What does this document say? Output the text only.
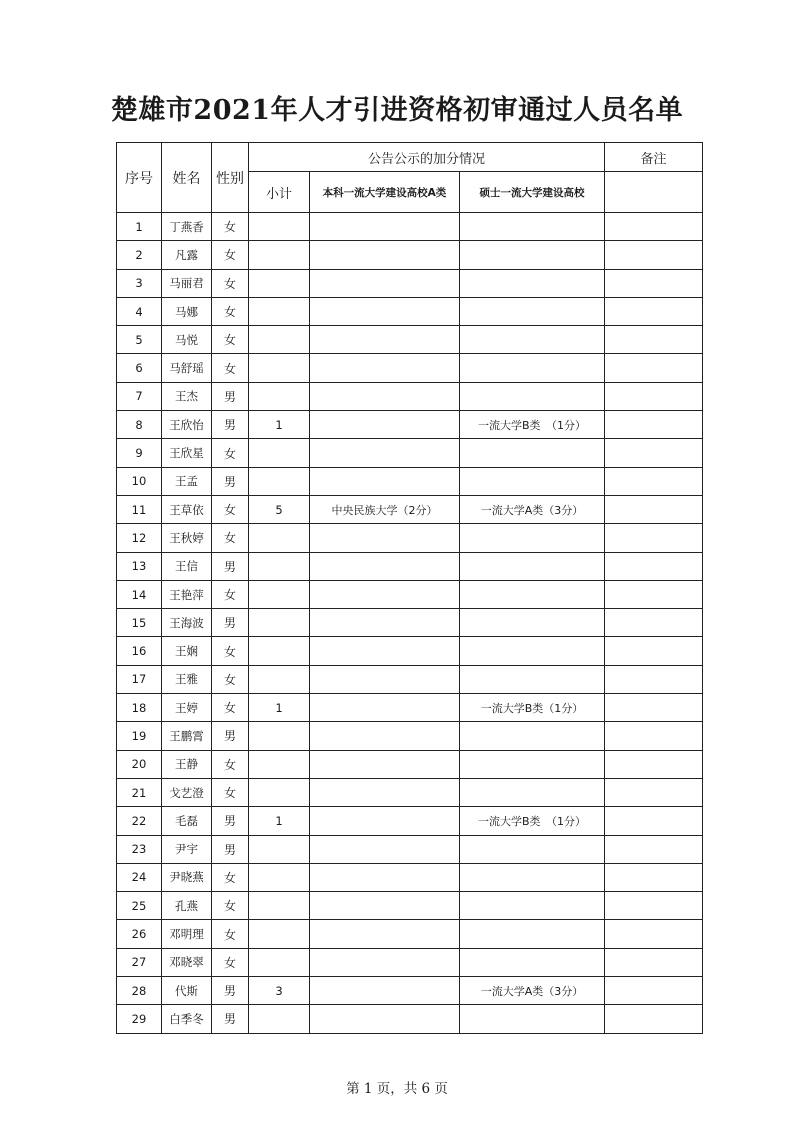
楚雄市2021年人才引进资格初审通过人员名单
序号	姓名	性别	公告公示的加分情况			备注
			小计	本科一流大学建设高校A类	硕士一流大学建设高校	
1	丁燕香	女				
2	凡露	女				
3	马丽君	女				
4	马娜	女				
5	马悦	女				
6	马舒瑶	女				
7	王杰	男				
8	王欣怡	男	1		一流大学B类　（1分）	
9	王欣星	女				
10	王孟	男				
11	王草依	女	5	中央民族大学（2分）	一流大学A类（3分）	
12	王秋婷	女				
13	王信	男				
14	王艳萍	女				
15	王海波	男				
16	王娴	女				
17	王雅	女				
18	王婷	女	1		一流大学B类（1分）	
19	王鹏霄	男				
20	王静	女				
21	戈艺澄	女				
22	毛磊	男	1		一流大学B类　（1分）	
23	尹宇	男				
24	尹晓燕	女				
25	孔燕	女				
26	邓明理	女				
27	邓晓翠	女				
28	代斯	男	3		一流大学A类（3分）	
29	白季冬	男				
第 1 页，共 6 页
